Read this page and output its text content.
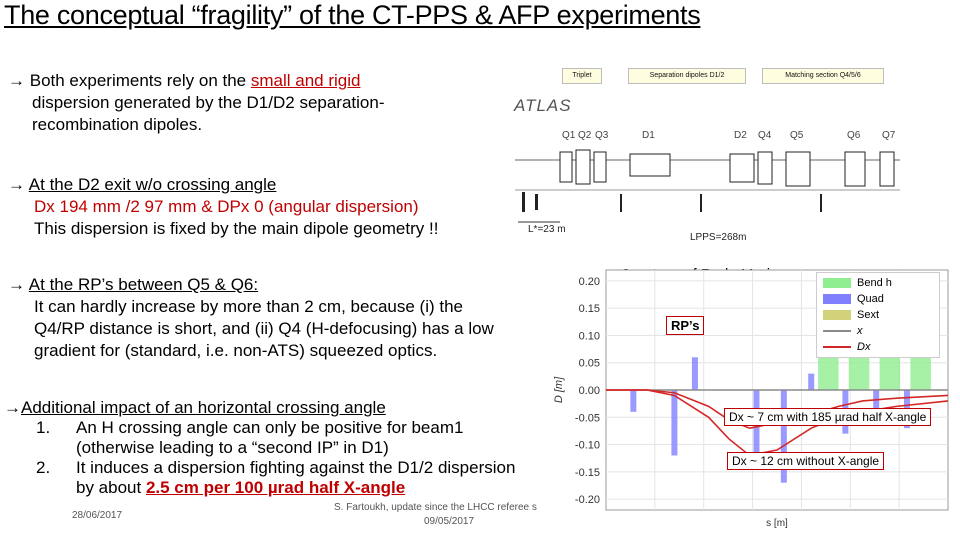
The conceptual “fragility” of the CT-PPS & AFP experiments
→ Both experiments rely on the small and rigid
dispersion generated by the D1/D2 separation-recombination dipoles.
→ At the D2 exit w/o crossing angle
Dx 194 mm /2 97 mm & DPx 0 (angular dispersion)
This dispersion is fixed by the main dipole geometry !!
→ At the RP’s between Q5 & Q6:
It can hardly increase by more than 2 cm, because (i) the Q4/RP distance is short, and (ii) Q4 (H-defocusing) has a low gradient for (standard, i.e. non-ATS) squeezed optics.
→Additional impact of an horizontal crossing angle
1.	An H crossing angle can only be positive for beam1 (otherwise leading to a “second IP” in D1)
2.	It induces a dispersion fighting against the D1/2 dispersion by about 2.5 cm per 100 µrad half X-angle
Triplet	Separation dipoles D1/2	Matching section Q4/5/6
ATLAS
Q1 Q2 Q3	D1	D2 Q4 Q5	Q6 Q7
L*=23 m
LPPS=268m
0.20
0.15
0.10
0.05
0.00
-0.05
-0.10
-0.15
-0.20
D [m]
s [m]
RP’s
Dx ~ 7 cm with 185 µrad half X-angle
Dx ~ 12 cm without X-angle
Bend h
Quad
Sext
x
Dx
28/06/2017
S. Fartoukh, update since the LHCC referee s
09/05/2017
